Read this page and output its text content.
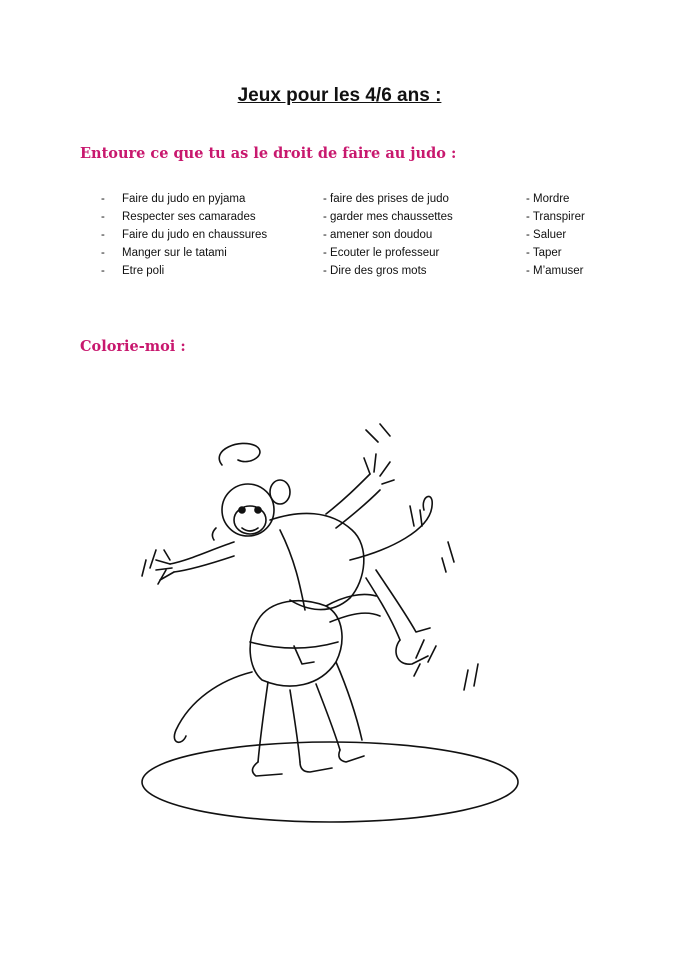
Jeux pour les 4/6 ans :
Entoure ce que tu as le droit de faire au judo :
- Faire du judo en pyjama
- Respecter ses camarades
- Faire du judo en chaussures
- Manger sur le tatami
- Etre poli
- faire des prises de judo
- garder mes chaussettes
- amener son doudou
- Ecouter le professeur
- Dire des gros mots
- Mordre
- Transpirer
- Saluer
- Taper
- M’amuser
Colorie-moi :
